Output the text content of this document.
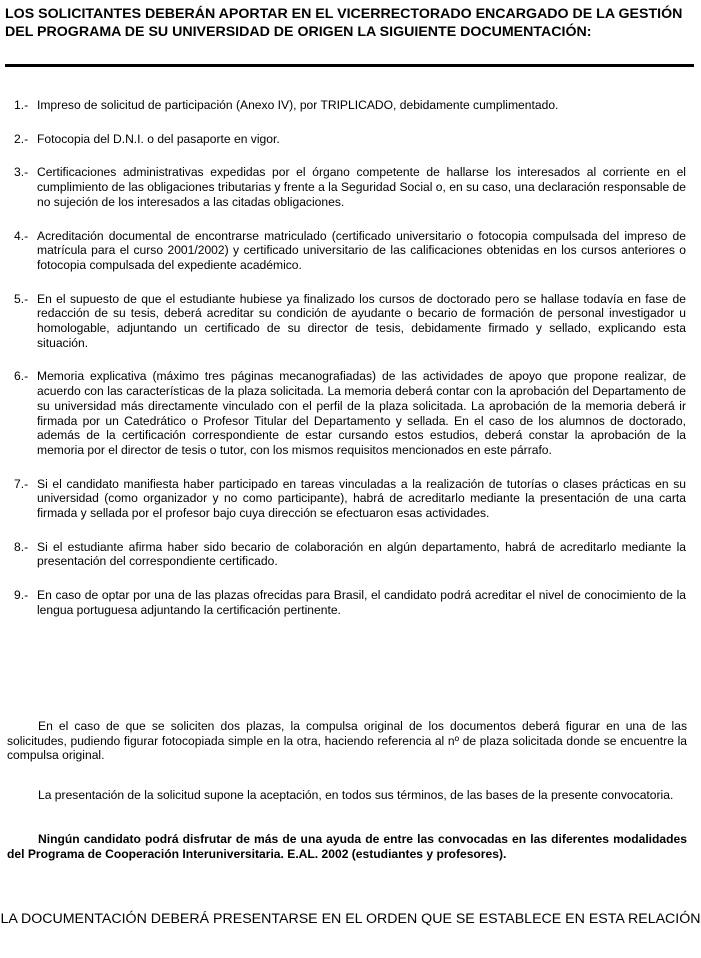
LOS SOLICITANTES DEBERÁN APORTAR EN EL VICERRECTORADO ENCARGADO DE LA GESTIÓN DEL PROGRAMA DE SU UNIVERSIDAD DE ORIGEN LA SIGUIENTE DOCUMENTACIÓN:
1.- Impreso de solicitud de participación (Anexo IV), por TRIPLICADO, debidamente cumplimentado.
2.- Fotocopia del D.N.I. o del pasaporte en vigor.
3.- Certificaciones administrativas expedidas por el órgano competente de hallarse los interesados al corriente en el cumplimiento de las obligaciones tributarias y frente a la Seguridad Social o, en su caso, una declaración responsable de no sujeción de los interesados a las citadas obligaciones.
4.- Acreditación documental de encontrarse matriculado (certificado universitario o fotocopia compulsada del impreso de matrícula para el curso 2001/2002) y certificado universitario de las calificaciones obtenidas en los cursos anteriores o fotocopia compulsada del expediente académico.
5.- En el supuesto de que el estudiante hubiese ya finalizado los cursos de doctorado pero se hallase todavía en fase de redacción de su tesis, deberá acreditar su condición de ayudante o becario de formación de personal investigador u homologable, adjuntando un certificado de su director de tesis, debidamente firmado y sellado, explicando esta situación.
6.- Memoria explicativa (máximo tres páginas mecanografiadas) de las actividades de apoyo que propone realizar, de acuerdo con las características de la plaza solicitada. La memoria deberá contar con la aprobación del Departamento de su universidad más directamente vinculado con el perfil de la plaza solicitada. La aprobación de la memoria deberá ir firmada por un Catedrático o Profesor Titular del Departamento y sellada. En el caso de los alumnos de doctorado, además de la certificación correspondiente de estar cursando estos estudios, deberá constar la aprobación de la memoria por el director de tesis o tutor, con los mismos requisitos mencionados en este párrafo.
7.- Si el candidato manifiesta haber participado en tareas vinculadas a la realización de tutorías o clases prácticas en su universidad (como organizador y no como participante), habrá de acreditarlo mediante la presentación de una carta firmada y sellada por el profesor bajo cuya dirección se efectuaron esas actividades.
8.- Si el estudiante afirma haber sido becario de colaboración en algún departamento, habrá de acreditarlo mediante la presentación del correspondiente certificado.
9.- En caso de optar por una de las plazas ofrecidas para Brasil, el candidato podrá acreditar el nivel de conocimiento de la lengua portuguesa adjuntando la certificación pertinente.
En el caso de que se soliciten dos plazas, la compulsa original de los documentos deberá figurar en una de las solicitudes, pudiendo figurar fotocopiada simple en la otra, haciendo referencia al nº de plaza solicitada donde se encuentre la compulsa original.
La presentación de la solicitud supone la aceptación, en todos sus términos, de las bases de la presente convocatoria.
Ningún candidato podrá disfrutar de más de una ayuda de entre las convocadas en las diferentes modalidades del Programa de Cooperación Interuniversitaria. E.AL. 2002 (estudiantes y profesores).
LA DOCUMENTACIÓN DEBERÁ PRESENTARSE EN EL ORDEN QUE SE ESTABLECE EN ESTA RELACIÓN
